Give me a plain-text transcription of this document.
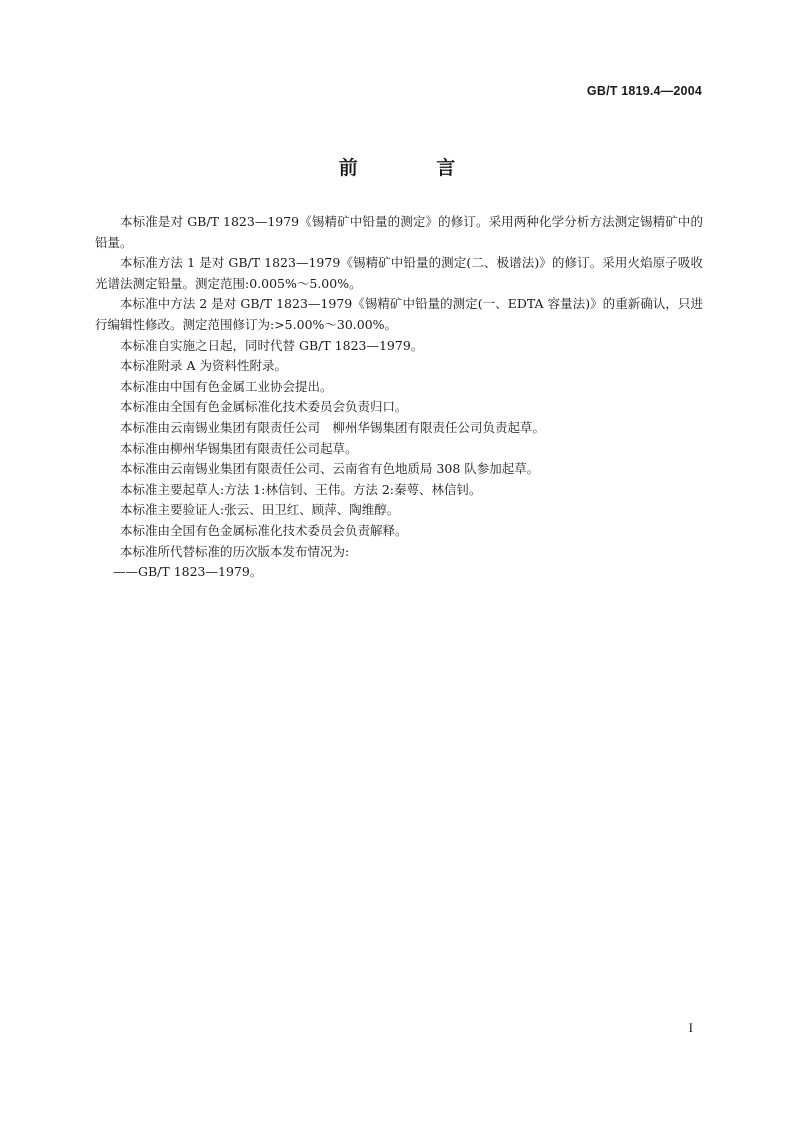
GB/T 1819.4—2004
前 言

本标准是对 GB/T 1823—1979《锡精矿中铅量的测定》的修订。采用两种化学分析方法测定锡精矿中的铅量。

本标准方法 1 是对 GB/T 1823—1979《锡精矿中铅量的测定(二、极谱法)》的修订。采用火焰原子吸收光谱法测定铅量。测定范围:0.005%～5.00%。

本标准中方法 2 是对 GB/T 1823—1979《锡精矿中铅量的测定(一、EDTA 容量法)》的重新确认，只进行编辑性修改。测定范围修订为:>5.00%～30.00%。

本标准自实施之日起，同时代替 GB/T 1823—1979。

本标准附录 A 为资料性附录。

本标准由中国有色金属工业协会提出。

本标准由全国有色金属标准化技术委员会负责归口。

本标准由云南锡业集团有限责任公司　柳州华锡集团有限责任公司负责起草。

本标准由柳州华锡集团有限责任公司起草。

本标准由云南锡业集团有限责任公司、云南省有色地质局 308 队参加起草。

本标准主要起草人:方法 1:林信钊、王伟。方法 2:秦萼、林信钊。

本标准主要验证人:张云、田卫红、顾萍、陶维醇。

本标准由全国有色金属标准化技术委员会负责解释。

本标准所代替标准的历次版本发布情况为:

——GB/T 1823—1979。

I
